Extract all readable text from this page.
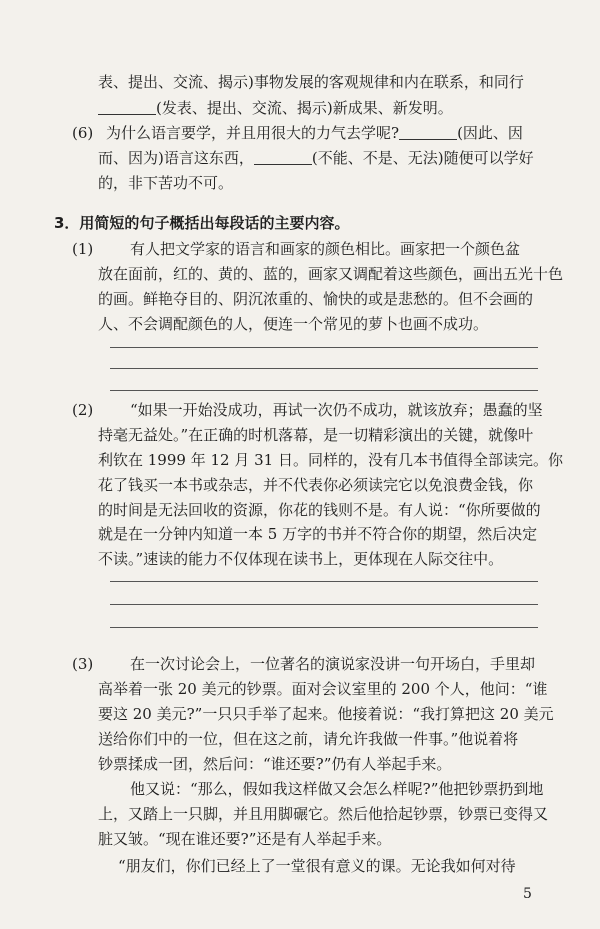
表、提出、交流、揭示)事物发展的客观规律和内在联系，和同行
(发表、提出、交流、揭示)新成果、新发明。
(6) 为什么语言要学，并且用很大的力气去学呢?	(因此、因
而、因为)语言这东西，	(不能、不是、无法)随便可以学好
的，非下苦功不可。
3．用简短的句子概括出每段话的主要内容。
(1) 有人把文学家的语言和画家的颜色相比。画家把一个颜色盆
放在面前，红的、黄的、蓝的，画家又调配着这些颜色，画出五光十色
的画。鲜艳夺目的、阴沉浓重的、愉快的或是悲愁的。但不会画的
人、不会调配颜色的人，便连一个常见的萝卜也画不成功。
(2) “如果一开始没成功，再试一次仍不成功，就该放弃；愚蠢的坚
持毫无益处。”在正确的时机落幕，是一切精彩演出的关键，就像叶
利钦在 1999 年 12 月 31 日。同样的，没有几本书值得全部读完。你
花了钱买一本书或杂志，并不代表你必须读完它以免浪费金钱，你
的时间是无法回收的资源，你花的钱则不是。有人说：“你所要做的
就是在一分钟内知道一本 5 万字的书并不符合你的期望，然后决定
不读。”速读的能力不仅体现在读书上，更体现在人际交往中。
(3) 在一次讨论会上，一位著名的演说家没讲一句开场白，手里却
高举着一张 20 美元的钞票。面对会议室里的 200 个人，他问：“谁
要这 20 美元?”一只只手举了起来。他接着说：“我打算把这 20 美元
送给你们中的一位，但在这之前，请允许我做一件事。”他说着将
钞票揉成一团，然后问：“谁还要?”仍有人举起手来。
他又说：“那么，假如我这样做又会怎么样呢?”他把钞票扔到地
上，又踏上一只脚，并且用脚碾它。然后他拾起钞票，钞票已变得又
脏又皱。“现在谁还要?”还是有人举起手来。
“朋友们，你们已经上了一堂很有意义的课。无论我如何对待
5
